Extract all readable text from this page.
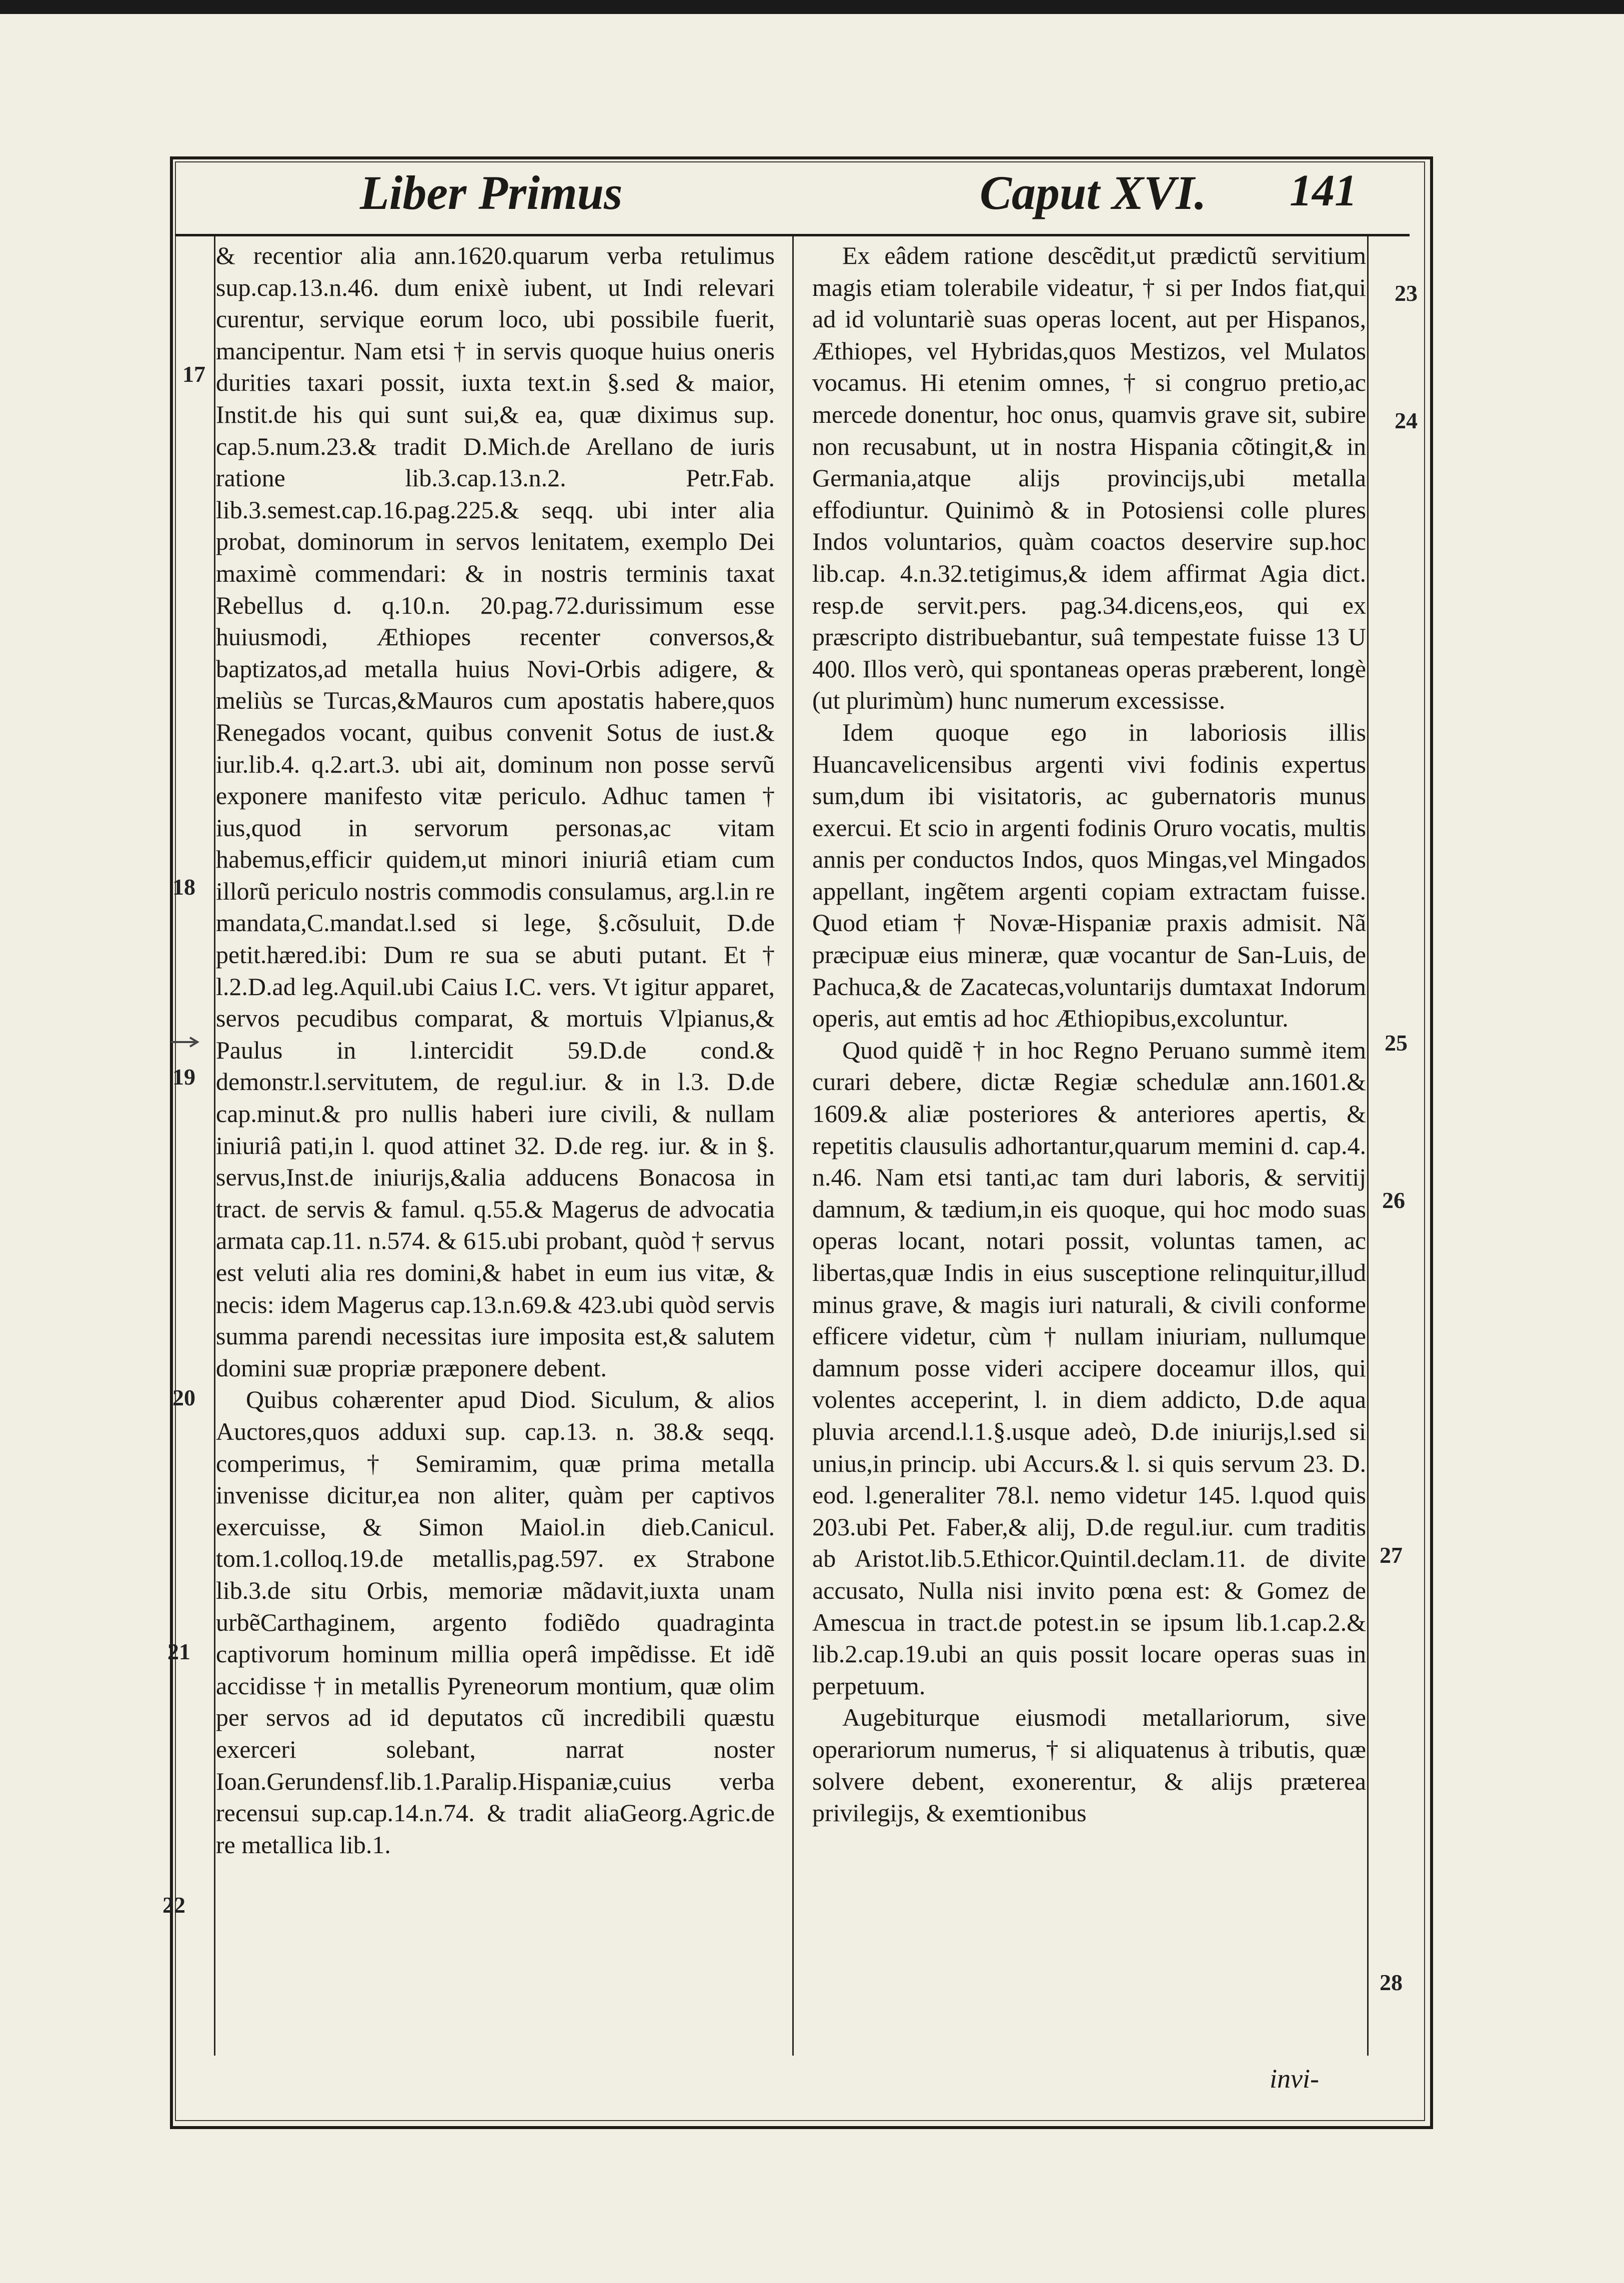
Liber Primus	Caput XVI. 141

& recentior alia ann.1620.quarum verba retulimus sup.cap.13.n.46. dum enixè iubent, ut Indi relevari curentur, servique eorum loco, ubi possibile fuerit, mancipentur. Nam etsi † in servis quoque huius oneris durities taxari possit, iuxta text.in §.sed & maior, Instit.de his qui sunt sui,& ea, quæ diximus sup. cap.5.num.23.& tradit D.Mich.de Arellano de iuris ratione lib.3.cap.13.n.2. Petr.Fab. lib.3.semest.cap.16.pag.225.& seqq. ubi inter alia probat, dominorum in servos lenitatem, exemplo Dei maximè commendari: & in nostris terminis taxat Rebellus d. q.10.n. 20.pag.72.durissimum esse huiusmodi, Æthiopes recenter conversos,& baptizatos,ad metalla huius Novi-Orbis adigere, & meliùs se Turcas,&Mauros cum apostatis habere,quos Renegados vocant, quibus convenit Sotus de iust.& iur.lib.4. q.2.art.3. ubi ait, dominum non posse servũ exponere manifesto vitæ periculo. Adhuc tamen † ius,quod in servorum personas,ac vitam habemus,efficir quidem,ut minori iniuriâ etiam cum illorũ periculo nostris commodis consulamus, arg.l.in re mandata,C.mandat.l.sed si lege, §.cõsuluit, D.de petit.hæred.ibi: Dum re sua se abuti putant. Et † l.2.D.ad leg.Aquil.ubi Caius I.C. vers. Vt igitur apparet, servos pecudibus comparat, & mortuis Vlpianus,& Paulus in l.intercidit 59.D.de cond.& demonstr.l.servitutem, de regul.iur. & in l.3. D.de cap.minut.& pro nullis haberi iure civili, & nullam iniuriâ pati,in l. quod attinet 32. D.de reg. iur. & in §. servus,Inst.de iniurijs,&alia adducens Bonacosa in tract. de servis & famul. q.55.& Magerus de advocatia armata cap.11. n.574. & 615.ubi probant, quòd † servus est veluti alia res domini,& habet in eum ius vitæ, & necis: idem Magerus cap.13.n.69.& 423.ubi quòd servis summa parendi necessitas iure imposita est,& salutem domini suæ propriæ præponere debent.

Quibus cohærenter apud Diod. Siculum, & alios Auctores,quos adduxi sup. cap.13. n. 38.& seqq. comperimus, † Semiramim, quæ prima metalla invenisse dicitur,ea non aliter, quàm per captivos exercuisse, & Simon Maiol.in dieb.Canicul. tom.1.colloq.19.de metallis,pag.597. ex Strabone lib.3.de situ Orbis, memoriæ mãdavit,iuxta unam urbẽCarthaginem, argento fodiẽdo quadraginta captivorum hominum millia operâ impẽdisse. Et idẽ accidisse † in metallis Pyreneorum montium, quæ olim per servos ad id deputatos cũ incredibili quæstu exerceri solebant, narrat noster Ioan.Gerundensf.lib.1.Paralip.Hispaniæ,cuius verba recensui sup.cap.14.n.74. & tradit aliaGeorg.Agric.de re metallica lib.1.

Ex eâdem ratione descẽdit,ut prædictũ servitium magis etiam tolerabile videatur, † si per Indos fiat,qui ad id voluntariè suas operas locent, aut per Hispanos, Æthiopes, vel Hybridas,quos Mestizos, vel Mulatos vocamus. Hi etenim omnes, † si congruo pretio,ac mercede donentur, hoc onus, quamvis grave sit, subire non recusabunt, ut in nostra Hispania cõtingit,& in Germania,atque alijs provincijs,ubi metalla effodiuntur. Quinimò & in Potosiensi colle plures Indos voluntarios, quàm coactos deservire sup.hoc lib.cap. 4.n.32.tetigimus,& idem affirmat Agia dict. resp.de servit.pers. pag.34.dicens,eos, qui ex præscripto distribuebantur, suâ tempestate fuisse 13 U 400. Illos verò, qui spontaneas operas præberent, longè (ut plurimùm) hunc numerum excessisse.

Idem quoque ego in laboriosis illis Huancavelicensibus argenti vivi fodinis expertus sum,dum ibi visitatoris, ac gubernatoris munus exercui. Et scio in argenti fodinis Oruro vocatis, multis annis per conductos Indos, quos Mingas,vel Mingados appellant, ingẽtem argenti copiam extractam fuisse. Quod etiam † Novæ-Hispaniæ praxis admisit. Nã præcipuæ eius mineræ, quæ vocantur de San-Luis, de Pachuca,& de Zacatecas,voluntarijs dumtaxat Indorum operis, aut emtis ad hoc Æthiopibus,excoluntur.

Quod quidẽ † in hoc Regno Peruano summè item curari debere, dictæ Regiæ schedulæ ann.1601.& 1609.& aliæ posteriores & anteriores apertis, & repetitis clausulis adhortantur,quarum memini d. cap.4. n.46. Nam etsi tanti,ac tam duri laboris, & servitij damnum, & tædium,in eis quoque, qui hoc modo suas operas locant, notari possit, voluntas tamen, ac libertas,quæ Indis in eius susceptione relinquitur,illud minus grave, & magis iuri naturali, & civili conforme efficere videtur, cùm † nullam iniuriam, nullumque damnum posse videri accipere doceamur illos, qui volentes acceperint, l. in diem addicto, D.de aqua pluvia arcend.l.1.§.usque adeò, D.de iniurijs,l.sed si unius,in princip. ubi Accurs.& l. si quis servum 23. D. eod. l.generaliter 78.l. nemo videtur 145. l.quod quis 203.ubi Pet. Faber,& alij, D.de regul.iur. cum traditis ab Aristot.lib.5.Ethicor.Quintil.declam.11. de divite accusato, Nulla nisi invito pœna est: & Gomez de Amescua in tract.de potest.in se ipsum lib.1.cap.2.& lib.2.cap.19.ubi an quis possit locare operas suas in perpetuum.

Augebiturque eiusmodi metallariorum, sive operariorum numerus, † si aliquatenus à tributis, quæ solvere debent, exonerentur, & alijs præterea privilegijs, & exemtionibus

17
18
19
20
21
22
23
24
25
26
27
28
invi-
